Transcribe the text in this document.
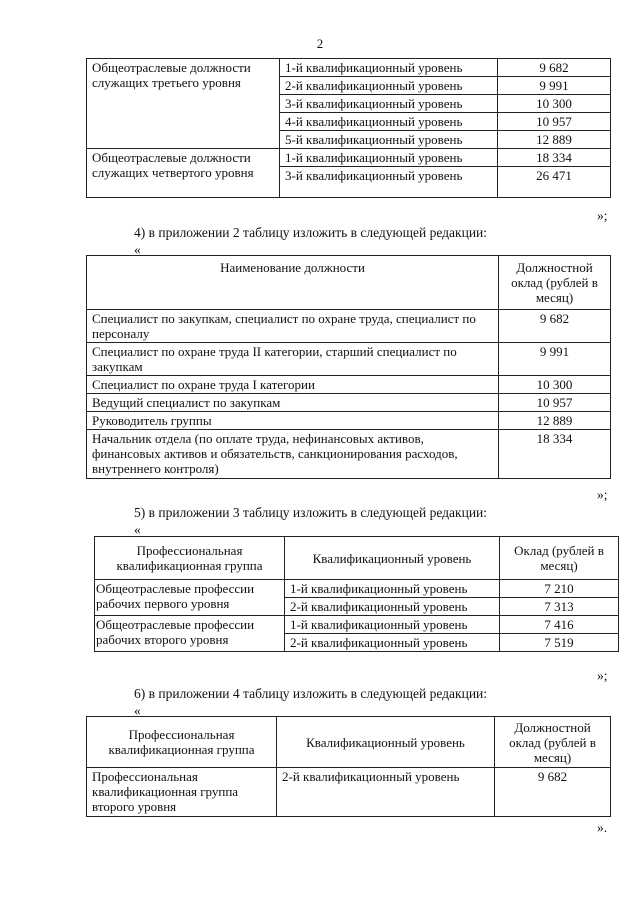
2
Общеотраслевые должности служащих третьего уровня	1-й квалификационный уровень	9 682
	2-й квалификационный уровень	9 991
	3-й квалификационный уровень	10 300
	4-й квалификационный уровень	10 957
	5-й квалификационный уровень	12 889
Общеотраслевые должности служащих четвертого уровня	1-й квалификационный уровень	18 334
	3-й квалификационный уровень	26 471
»;
4) в приложении 2 таблицу изложить в следующей редакции:
«
Наименование должности	Должностной оклад (рублей в месяц)
Специалист по закупкам, специалист по охране труда, специалист по персоналу	9 682
Специалист по охране труда II категории, старший специалист по закупкам	9 991
Специалист по охране труда I категории	10 300
Ведущий специалист по закупкам	10 957
Руководитель группы	12 889
Начальник отдела (по оплате труда, нефинансовых активов, финансовых активов и обязательств, санкционирования расходов, внутреннего контроля)	18 334
»;
5) в приложении 3 таблицу изложить в следующей редакции:
«
Профессиональная квалификационная группа	Квалификационный уровень	Оклад (рублей в месяц)
Общеотраслевые профессии рабочих первого уровня	1-й квалификационный уровень	7 210
	2-й квалификационный уровень	7 313
Общеотраслевые профессии рабочих второго уровня	1-й квалификационный уровень	7 416
	2-й квалификационный уровень	7 519
»;
6) в приложении 4 таблицу изложить в следующей редакции:
«
Профессиональная квалификационная группа	Квалификационный уровень	Должностной оклад (рублей в месяц)
Профессиональная квалификационная группа второго уровня	2-й квалификационный уровень	9 682
».
